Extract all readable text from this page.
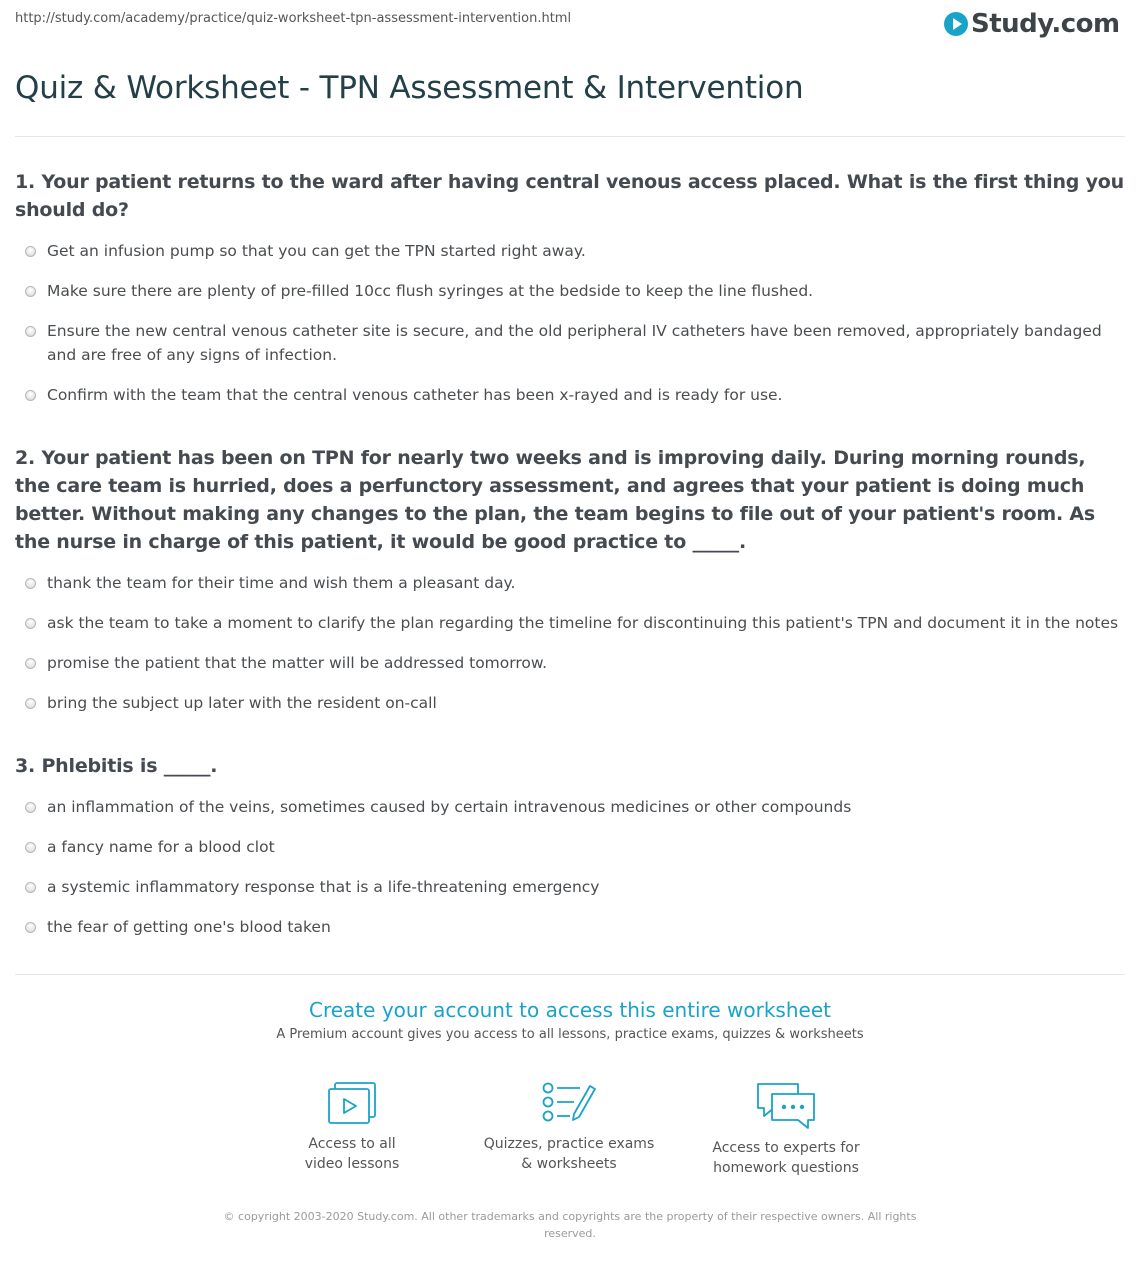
http://study.com/academy/practice/quiz-worksheet-tpn-assessment-intervention.html	Study.com
Quiz & Worksheet - TPN Assessment & Intervention
1. Your patient returns to the ward after having central venous access placed. What is the first thing you should do?
Get an infusion pump so that you can get the TPN started right away.
Make sure there are plenty of pre-filled 10cc flush syringes at the bedside to keep the line flushed.
Ensure the new central venous catheter site is secure, and the old peripheral IV catheters have been removed, appropriately bandaged and are free of any signs of infection.
Confirm with the team that the central venous catheter has been x-rayed and is ready for use.
2. Your patient has been on TPN for nearly two weeks and is improving daily. During morning rounds, the care team is hurried, does a perfunctory assessment, and agrees that your patient is doing much better. Without making any changes to the plan, the team begins to file out of your patient's room. As the nurse in charge of this patient, it would be good practice to _____.
thank the team for their time and wish them a pleasant day.
ask the team to take a moment to clarify the plan regarding the timeline for discontinuing this patient's TPN and document it in the notes
promise the patient that the matter will be addressed tomorrow.
bring the subject up later with the resident on-call
3. Phlebitis is _____.
an inflammation of the veins, sometimes caused by certain intravenous medicines or other compounds
a fancy name for a blood clot
a systemic inflammatory response that is a life-threatening emergency
the fear of getting one's blood taken
Create your account to access this entire worksheet
A Premium account gives you access to all lessons, practice exams, quizzes & worksheets
Access to all
video lessons
Quizzes, practice exams
& worksheets
Access to experts for
homework questions
© copyright 2003-2020 Study.com. All other trademarks and copyrights are the property of their respective owners. All rights reserved.
